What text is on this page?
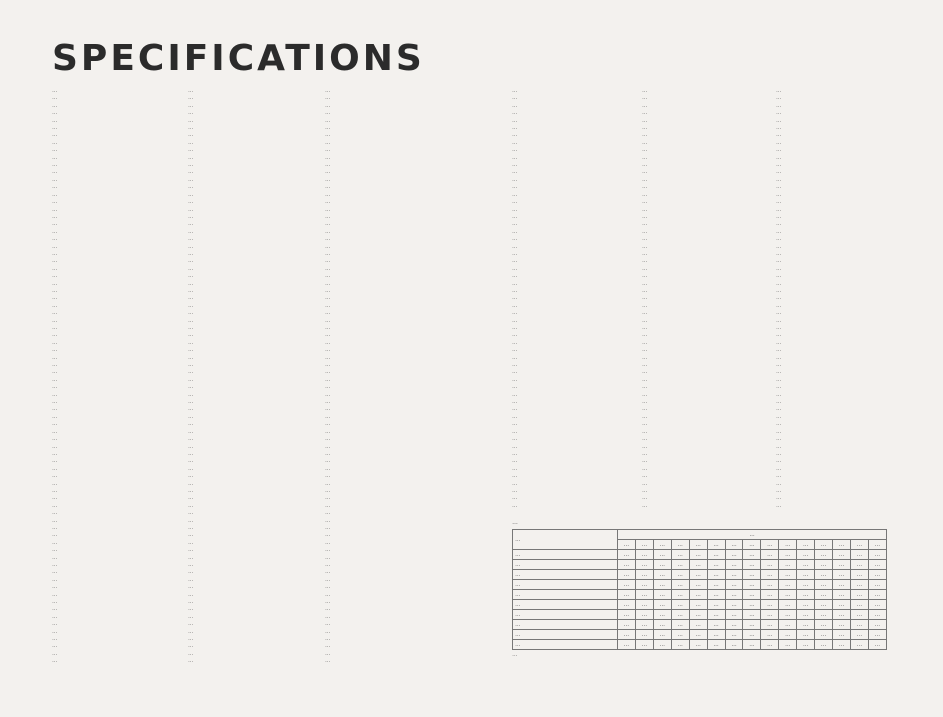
SPECIFICATIONS
…
…
…
…
…
…
…
…
…
…
…
…
…
…
…
…
…
…
…
…
…
…
…
…
…
…
…
…
…
…
…
…
…
…
…
…
…
…
…
…
…
…
…
…
…
…
…
…
…
…
…
…
…
…
…
…
…
…
…
…
…
…
…
…
…
…
…
…
…
…
…
…
…
…
…
…
…
…
…
…
…
…
…
…
…
…
…
…
…
…
…
…
…
…
…
…
…
…
…
…
…
…
…
…
…
…
…
…
…
…
…
…
…
…
…
…
…
…
…
…
…
…
…
…
…
…
…
…
…
…
…
…
…
…
…
…
…
…
…
…
…
…
…
…
…
…
…
…
…
…
…
…
…
…
…
…
…
…
…
…
…
…
…
…
…
…
…
…
…
…
…
…
…
…
…
…
…
…
…
…
…
…
…
…
…
…
…
…
…
…
…
…
…
…
…
…
…
…
…
…
…
…
…
…
…
…
…
…
…
…
…
…
…
…
…
…
…
…
…
…
…
…
…
…
…
…
…
…
…
…
…
…
…
…
…
…
…
…
…
…
…
…
…
…
…
…
…
…
…
…
…
…
…
…
…
…
…
…
…
…
…
…
…
…
…
…
…
…
…
…
…
…
…
…
…
…
…
…
…
…
…
…
…
…
…
…
…
…
…
…
…
…
…
…
…
…
…
…
…
…
…
…
…
…
…
…
…
…
…
…
…
…
…
…
…
…
…
…
…
…
…
…
…
…
…
…
…
…
…
…
…
…
…
…
…
…
…
…
…
…
…
…
…
…
…
…
…
…
…
…
…
…
…
…
…
…
…
…
…
…
…
…
…
…
…
…
…
…
…
…
…
…
…
…
…
…
…
…
…
…
…
…
…
…
…
…
…
…
…
…
…
…
…
…
…
…
…
…
…
…
…
…
…
…
…
…
…	…														
	…	…	…	…	…	…	…	…	…	…	…	…	…	…	…
…	…	…	…	…	…	…	…	…	…	…	…	…	…	…	…
…	…	…	…	…	…	…	…	…	…	…	…	…	…	…	…
…	…	…	…	…	…	…	…	…	…	…	…	…	…	…	…
…	…	…	…	…	…	…	…	…	…	…	…	…	…	…	…
…	…	…	…	…	…	…	…	…	…	…	…	…	…	…	…
…	…	…	…	…	…	…	…	…	…	…	…	…	…	…	…
…	…	…	…	…	…	…	…	…	…	…	…	…	…	…	…
…	…	…	…	…	…	…	…	…	…	…	…	…	…	…	…
…	…	…	…	…	…	…	…	…	…	…	…	…	…	…	…
…	…	…	…	…	…	…	…	…	…	…	…	…	…	…	…
…
